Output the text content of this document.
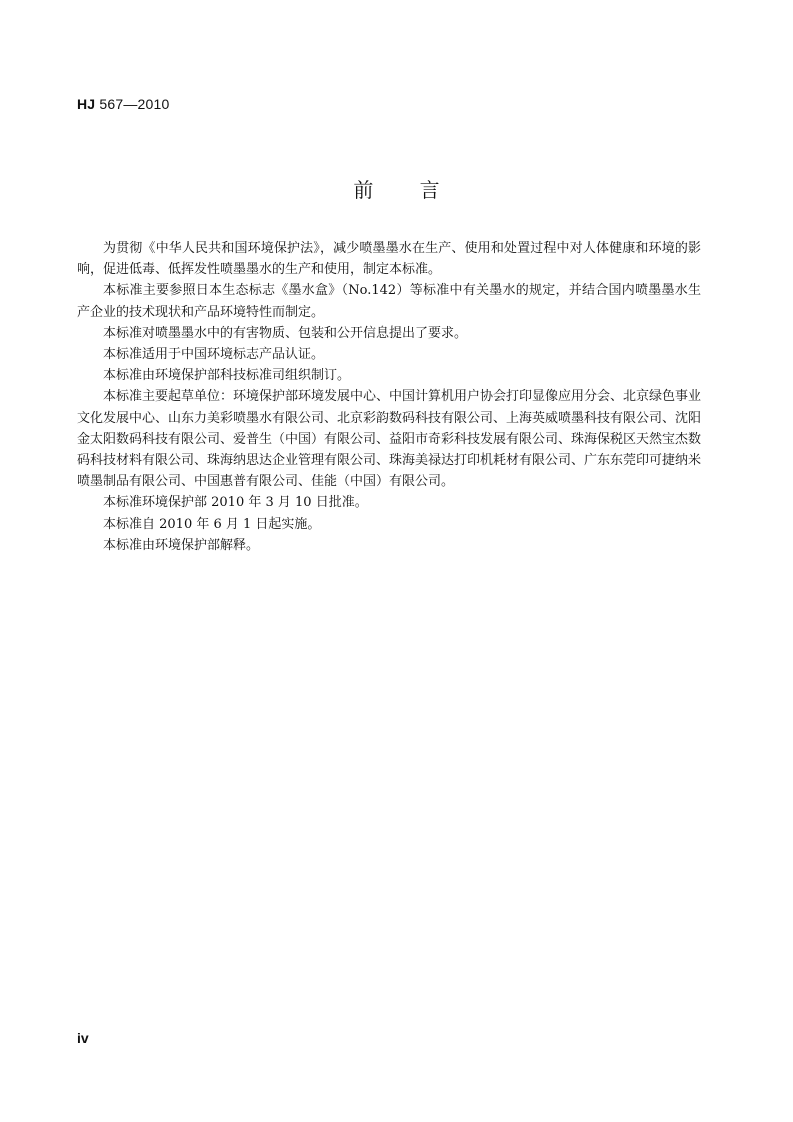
HJ 567—2010
前 言

为贯彻《中华人民共和国环境保护法》，减少喷墨墨水在生产、使用和处置过程中对人体健康和环境的影响，促进低毒、低挥发性喷墨墨水的生产和使用，制定本标准。

本标准主要参照日本生态标志《墨水盒》（No.142）等标准中有关墨水的规定，并结合国内喷墨墨水生产企业的技术现状和产品环境特性而制定。

本标准对喷墨墨水中的有害物质、包装和公开信息提出了要求。

本标准适用于中国环境标志产品认证。

本标准由环境保护部科技标准司组织制订。

本标准主要起草单位：环境保护部环境发展中心、中国计算机用户协会打印显像应用分会、北京绿色事业文化发展中心、山东力美彩喷墨水有限公司、北京彩韵数码科技有限公司、上海英威喷墨科技有限公司、沈阳金太阳数码科技有限公司、爱普生（中国）有限公司、益阳市奇彩科技发展有限公司、珠海保税区天然宝杰数码科技材料有限公司、珠海纳思达企业管理有限公司、珠海美禄达打印机耗材有限公司、广东东莞印可捷纳米喷墨制品有限公司、中国惠普有限公司、佳能（中国）有限公司。

本标准环境保护部 2010 年 3 月 10 日批准。

本标准自 2010 年 6 月 1 日起实施。

本标准由环境保护部解释。

iv
